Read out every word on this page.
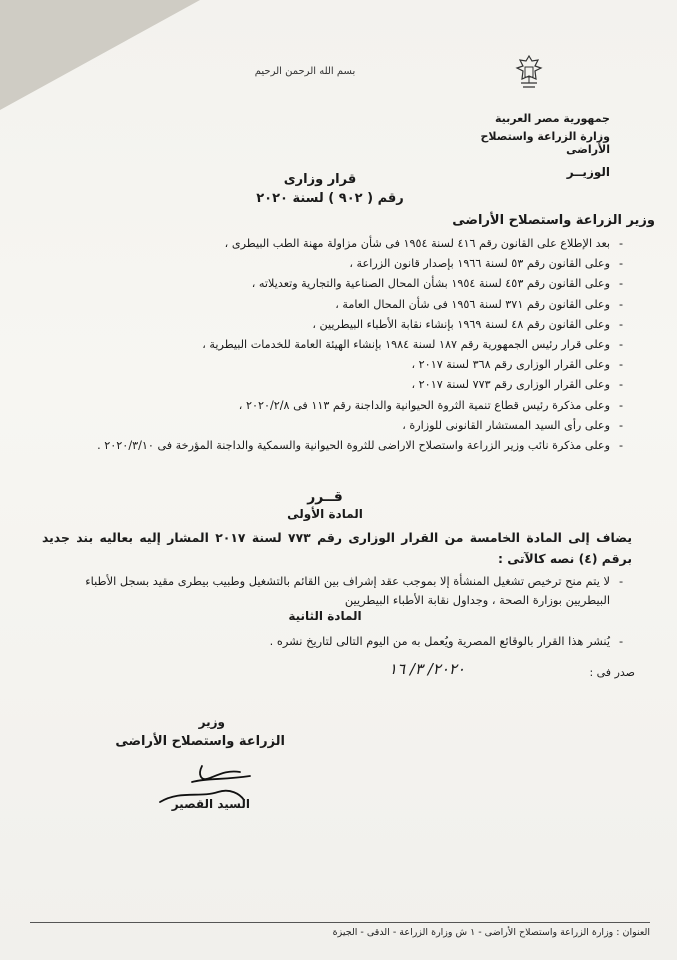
بسم الله الرحمن الرحيم
جمهورية مصر العربية
وزارة الزراعة واستصلاح الأراضى
الوزيــر
قرار وزارى
رقم ( ٩٠٢ ) لسنة ٢٠٢٠
وزير الزراعة واستصلاح الأراضى
-
بعد الإطلاع على القانون رقم ٤١٦ لسنة ١٩٥٤ فى شأن مزاولة مهنة الطب البيطرى ،
-
وعلى القانون رقم ٥٣ لسنة ١٩٦٦ بإصدار قانون الزراعة ،
-
وعلى القانون رقم ٤٥٣ لسنة ١٩٥٤ بشأن المحال الصناعية والتجارية وتعديلاته ،
-
وعلى القانون رقم ٣٧١ لسنة ١٩٥٦ فى شأن المحال العامة ،
-
وعلى القانون رقم ٤٨ لسنة ١٩٦٩ بإنشاء نقابة الأطباء البيطريين ،
-
وعلى قرار رئيس الجمهورية رقم ١٨٧ لسنة ١٩٨٤ بإنشاء الهيئة العامة للخدمات البيطرية ،
-
وعلى القرار الوزارى رقم ٣٦٨ لسنة ٢٠١٧ ،
-
وعلى القرار الوزارى رقم ٧٧٣ لسنة ٢٠١٧ ،
-
وعلى مذكرة رئيس قطاع تنمية الثروة الحيوانية والداجنة رقم ١١٣ فى ٢٠٢٠/٢/٨ ،
-
وعلى رأى السيد المستشار القانونى للوزارة ،
-
وعلى مذكرة نائب وزير الزراعة واستصلاح الاراضى للثروة الحيوانية والسمكية والداجنة المؤرخة فى ٢٠٢٠/٣/١٠ .
قــرر
المادة الأولى
يضاف إلى المادة الخامسة من القرار الوزارى رقم ٧٧٣ لسنة ٢٠١٧ المشار إليه بعاليه بند جديد برقم (٤) نصه كالآتى :
-
لا يتم منح ترخيص تشغيل المنشأة إلا بموجب عقد إشراف بين القائم بالتشغيل وطبيب بيطرى مقيد بسجل الأطباء البيطريين بوزارة الصحة ، وجداول نقابة الأطباء البيطريين
المادة الثانية
-
يُنشر هذا القرار بالوقائع المصرية ويُعمل به من اليوم التالى لتاريخ نشره .
صدر فى :
٢٠٢٠/ ٣/ ١٦
وزير
الزراعة واستصلاح الأراضى
السيد القصير
العنوان : وزارة الزراعة واستصلاح الأراضى - ١ ش وزارة الزراعة - الدقى - الجيزة
